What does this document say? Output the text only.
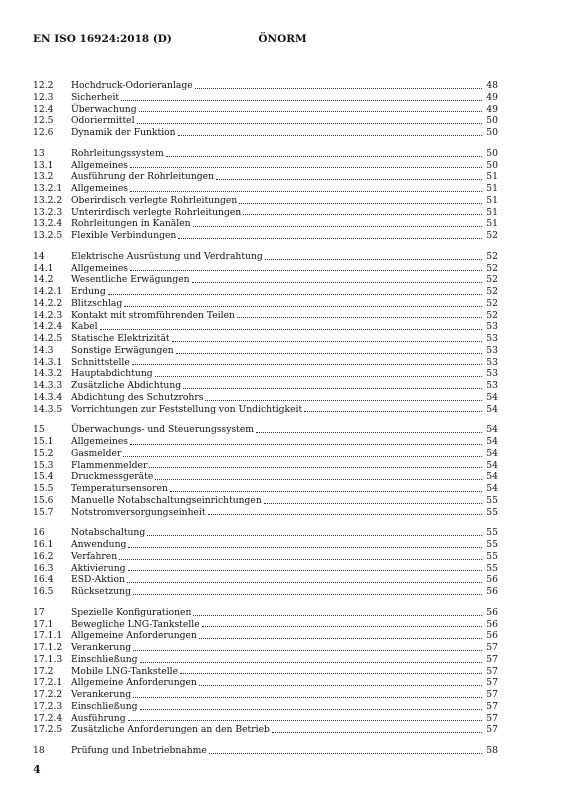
EN ISO 16924:2018 (D)	ÖNORM
12.2	Hochdruck-Odorieranlage	48
12.3	Sicherheit	49
12.4	Überwachung	49
12.5	Odoriermittel	50
12.6	Dynamik der Funktion	50
13	Rohrleitungssystem	50
13.1	Allgemeines	50
13.2	Ausführung der Rohrleitungen	51
13.2.1 Allgemeines	51
13.2.2 Oberirdisch verlegte Rohrleitungen	51
13.2.3 Unterirdisch verlegte Rohrleitungen	51
13.2.4 Rohrleitungen in Kanälen	51
13.2.5 Flexible Verbindungen	52
14	Elektrische Ausrüstung und Verdrahtung	52
14.1	Allgemeines	52
14.2	Wesentliche Erwägungen	52
14.2.1 Erdung	52
14.2.2 Blitzschlag	52
14.2.3 Kontakt mit stromführenden Teilen	52
14.2.4 Kabel	53
14.2.5 Statische Elektrizität	53
14.3	Sonstige Erwägungen	53
14.3.1 Schnittstelle	53
14.3.2 Hauptabdichtung	53
14.3.3 Zusätzliche Abdichtung	53
14.3.4 Abdichtung des Schutzrohrs	54
14.3.5 Vorrichtungen zur Feststellung von Undichtigkeit	54
15	Überwachungs- und Steuerungssystem	54
15.1	Allgemeines	54
15.2	Gasmelder	54
15.3	Flammenmelder	54
15.4	Druckmessgeräte	54
15.5	Temperatursensoren	54
15.6	Manuelle Notabschaltungseinrichtungen	55
15.7	Notstromversorgungseinheit	55
16	Notabschaltung	55
16.1	Anwendung	55
16.2	Verfahren	55
16.3	Aktivierung	55
16.4	ESD-Aktion	56
16.5	Rücksetzung	56
17	Spezielle Konfigurationen	56
17.1	Bewegliche LNG-Tankstelle	56
17.1.1 Allgemeine Anforderungen	56
17.1.2 Verankerung	57
17.1.3 Einschließung	57
17.2	Mobile LNG-Tankstelle	57
17.2.1 Allgemeine Anforderungen	57
17.2.2 Verankerung	57
17.2.3 Einschließung	57
17.2.4 Ausführung	57
17.2.5 Zusätzliche Anforderungen an den Betrieb	57
18	Prüfung und Inbetriebnahme	58
4
